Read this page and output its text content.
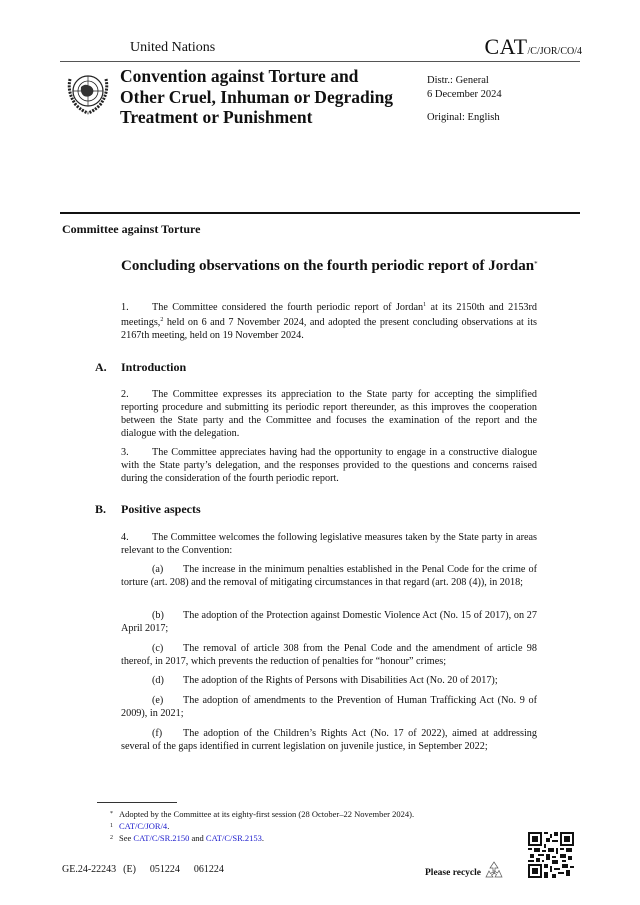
United Nations	CAT/C/JOR/CO/4
Convention against Torture and Other Cruel, Inhuman or Degrading Treatment or Punishment
Distr.: General
6 December 2024
Original: English
Committee against Torture
Concluding observations on the fourth periodic report of Jordan*
1. The Committee considered the fourth periodic report of Jordan$^1$ at its 2150th and 2153rd meetings,$^2$ held on 6 and 7 November 2024, and adopted the present concluding observations at its 2167th meeting, held on 19 November 2024.
A. Introduction
2. The Committee expresses its appreciation to the State party for accepting the simplified reporting procedure and submitting its periodic report thereunder, as this improves the cooperation between the State party and the Committee and focuses the examination of the report and the dialogue with the delegation.
3. The Committee appreciates having had the opportunity to engage in a constructive dialogue with the State party’s delegation, and the responses provided to the questions and concerns raised during the consideration of the fourth periodic report.
B. Positive aspects
4. The Committee welcomes the following legislative measures taken by the State party in areas relevant to the Convention:
(a) The increase in the minimum penalties established in the Penal Code for the crime of torture (art. 208) and the removal of mitigating circumstances in that regard (art. 208 (4)), in 2018;
(b) The adoption of the Protection against Domestic Violence Act (No. 15 of 2017), on 27 April 2017;
(c) The removal of article 308 from the Penal Code and the amendment of article 98 thereof, in 2017, which prevents the reduction of penalties for “honour” crimes;
(d) The adoption of the Rights of Persons with Disabilities Act (No. 20 of 2017);
(e) The adoption of amendments to the Prevention of Human Trafficking Act (No. 9 of 2009), in 2021;
(f) The adoption of the Children’s Rights Act (No. 17 of 2022), aimed at addressing several of the gaps identified in current legislation on juvenile justice, in September 2022;
* Adopted by the Committee at its eighty-first session (28 October–22 November 2024).
1 CAT/C/JOR/4.
2 See CAT/C/SR.2150 and CAT/C/SR.2153.
GE.24-22243  (E)    051224    061224	Please recycle
